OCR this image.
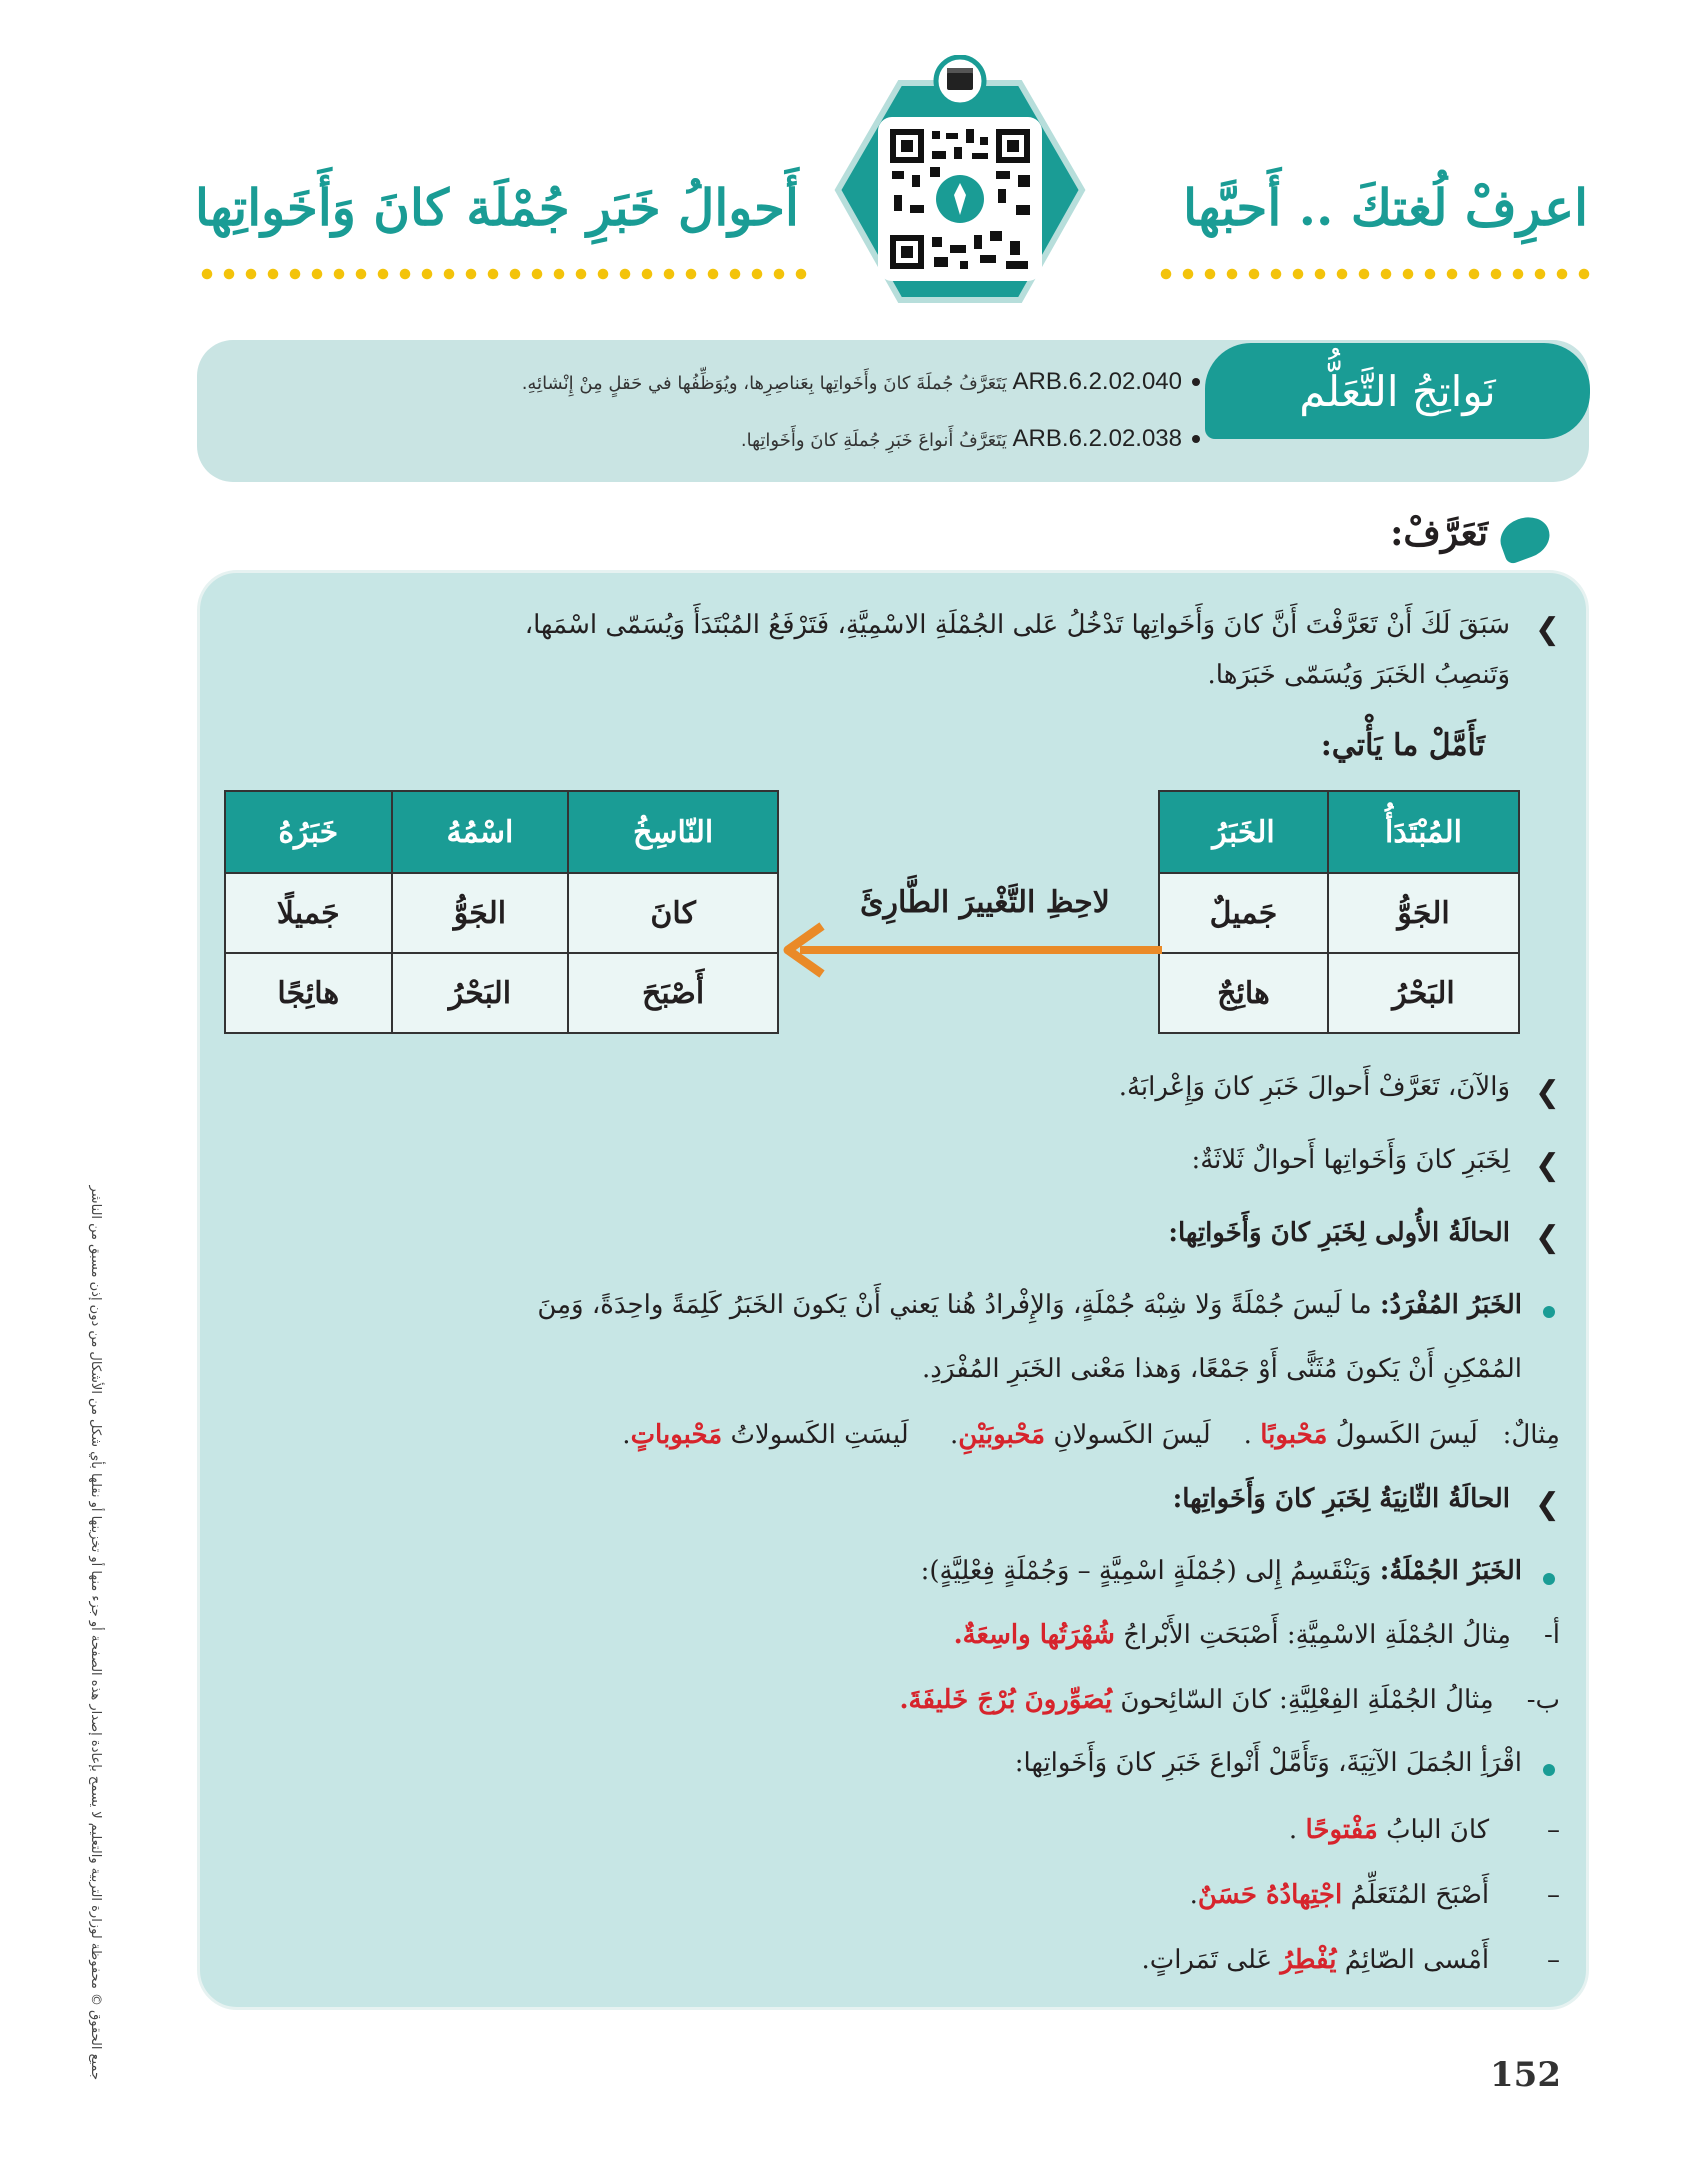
جميع الحقوق © محفوظة لوزارة التربية والتعليم لا يسمح بإعادة إصدار هذه الصفحة أو جزء منها أو تخزينها أو نقلها بأي شكل من الأشكال من دون إذن مسبق من الناشر
اعرِفْ لُغتكَ .. أَحبَّها
أَحوالُ خَبَرِ جُمْلَة كانَ وَأَخَواتِها
نَواتِجُ التَّعَلُّم
ARB.6.2.02.040 يَتَعَرَّفُ جُملَةَ كانَ وأَخَواتِها بِعَناصِرِها، ويُوَظِّفُها في حَقلٍ مِنْ إِنْشائِهِ.
ARB.6.2.02.038 يَتَعَرَّفُ أَنواعَ خَبَرِ جُملَةِ كانَ وأَخَواتِها.
تَعَرَّفْ:
❮
سَبَقَ لَكَ أَنْ تَعَرَّفْتَ أَنَّ كانَ وَأَخَواتِها تَدْخُلُ عَلى الجُمْلَةِ الاسْمِيَّةِ، فَتَرْفَعُ المُبْتَدَأَ وَيُسَمّى اسْمَها،
وَتَنصِبُ الخَبَرَ وَيُسَمّى خَبَرَها.
تَأَمَّلْ ما يَأْتي:
المُبْتَدَأُ	الخَبَرُ
الجَوُّ	جَميلٌ
البَحْرُ	هائِجٌ
لاحِظِ التَّغْييرَ الطَّارِئَ
النّاسِخُ	اسْمُهُ	خَبَرُهُ
كانَ	الجَوُّ	جَميلًا
أَصْبَحَ	البَحْرُ	هائِجًا
❮
وَالآنَ، تَعَرَّفْ أَحوالَ خَبَرِ كانَ وَإِعْرابَهُ.
❮
لِخَبَرِ كانَ وَأَخَواتِها أَحوالٌ ثَلاثَةٌ:
❮
الحالَةُ الأُولى لِخَبَرِ كانَ وَأَخَواتِها:
الخَبَرُ المُفْرَدُ: ما لَيسَ جُمْلَةً وَلا شِبْهَ جُمْلَةٍ، وَالإِفْرادُ هُنا يَعني أَنْ يَكونَ الخَبَرُ كَلِمَةً واحِدَةً، وَمِنَ
المُمْكِنِ أَنْ يَكونَ مُثَنًّى أَوْ جَمْعًا، وَهذا مَعْنى الخَبَرِ المُفْرَدِ.
مِثالٌ:   لَيسَ الكَسولُ مَحْبوبًا .    لَيسَ الكَسولانِ مَحْبوبَيْنِ.     لَيسَتِ الكَسولاتُ مَحْبوباتٍ.
❮
الحالَةُ الثّانِيَةُ لِخَبَرِ كانَ وَأَخَواتِها:
الخَبَرُ الجُمْلَةُ: وَيَنْقَسِمُ إِلى (جُمْلَةٍ اسْمِيَّةٍ – وَجُمْلَةٍ فِعْلِيَّةٍ):
أ-    مِثالُ الجُمْلَةِ الاسْمِيَّةِ: أَصْبَحَتِ الأَبْراجُ شُهْرَتُها واسِعَةٌ.
ب-    مِثالُ الجُمْلَةِ الفِعْلِيَّةِ: كانَ السّائِحونَ يُصَوِّرونَ بُرْجَ خَليفَةَ.
اقْرَأِ الجُمَلَ الآتِيَةَ، وَتَأَمَّلْ أَنْواعَ خَبَرِ كانَ وَأَخَواتِها:
–       كانَ البابُ مَفْتوحًا .
–       أَصْبَحَ المُتَعَلِّمُ اجْتِهادُهُ حَسَنٌ.
–       أَمْسى الصّائِمُ يُفْطِرُ عَلى تَمَراتٍ.
152
